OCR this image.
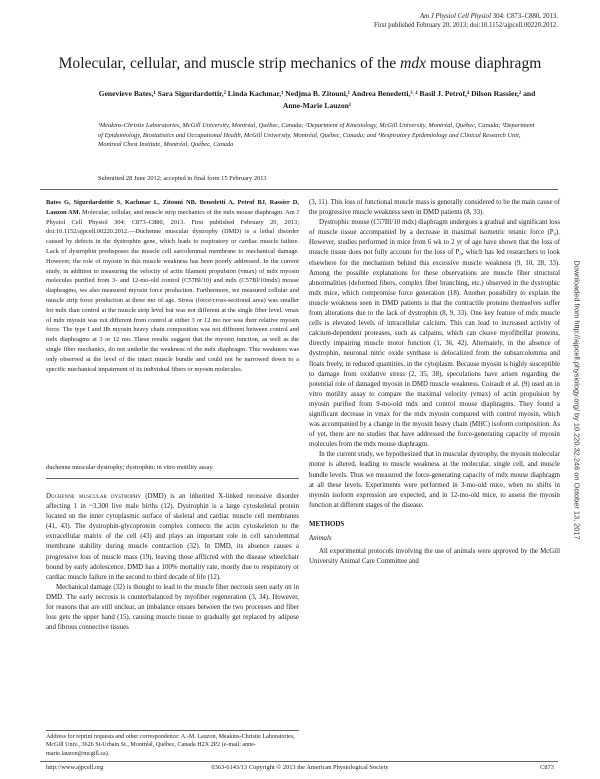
Am J Physiol Cell Physiol 304: C873–C880, 2013.
First published February 20, 2013; doi:10.1152/ajpcell.00220.2012.
Molecular, cellular, and muscle strip mechanics of the mdx mouse diaphragm
Genevieve Bates,¹ Sara Sigurdardottir,² Linda Kachmar,¹ Nedjma B. Zitouni,¹ Andrea Benedetti,³˒⁴ Basil J. Petrof,⁴ Dilson Rassier,² and Anne-Marie Lauzon¹
¹Meakins-Christie Laboratories, McGill University, Montréal, Québec, Canada; ²Department of Kinesiology, McGill University, Montréal, Québec, Canada; ³Department of Epidemiology, Biostatistics and Occupational Health, McGill University, Montréal, Québec, Canada; and ⁴Respiratory Epidemiology and Clinical Research Unit, Montreal Chest Institute, Montréal, Québec, Canada
Submitted 28 June 2012; accepted in final form 15 February 2013
Bates G, Sigurdardottir S, Kachmar L, Zitouni NB, Benedetti A, Petrof BJ, Rassier D, Lauzon AM. Molecular, cellular, and muscle strip mechanics of the mdx mouse diaphragm. Am J Physiol Cell Physiol 304: C873–C880, 2013. First published February 20, 2013; doi:10.1152/ajpcell.00220.2012.—Duchenne muscular dystrophy (DMD) is a lethal disorder caused by defects in the dystrophin gene, which leads to respiratory or cardiac muscle failure. Lack of dystrophin predisposes the muscle cell sarcolemmal membrane to mechanical damage. However, the role of myosin in this muscle weakness has been poorly addressed. In the current study, in addition to measuring the velocity of actin filament propulsion (vmax) of mdx myosin molecules purified from 3- and 12-mo-old control (C57Bl/10) and mdx (C57Bl/10mdx) mouse diaphragms, we also measured myosin force production. Furthermore, we measured cellular and muscle strip force production at three mo of age. Stress (force/cross-sectional area) was smaller for mdx than control at the muscle strip level but was not different at the single fiber level. vmax of mdx myosin was not different from control at either 3 or 12 mo nor was their relative myosin force. The type I and IIb myosin heavy chain composition was not different between control and mdx diaphragms at 3 or 12 mo. These results suggest that the myosin function, as well as the single fiber mechanics, do not underlie the weakness of the mdx diaphragm. This weakness was only observed at the level of the intact muscle bundle and could not be narrowed down to a specific mechanical impairment of its individual fibers or myosin molecules.
duchenne muscular dystrophy; dystrophin; in vitro motility assay

Duchenne muscular dystrophy (DMD) is an inherited X-linked recessive disorder affecting 1 in ~3,300 live male births (12). Dystrophin is a large cytoskeletal protein located on the inner cytoplasmic surface of skeletal and cardiac muscle cell membranes (41, 43). The dystrophin-glycoprotein complex connects the actin cytoskeleton to the extracellular matrix of the cell (43) and plays an important role in cell sarcolemmal membrane stability during muscle contraction (32). In DMD, its absence causes a progressive loss of muscle mass (19), leaving those afflicted with the disease wheelchair bound by early adolescence. DMD has a 100% mortality rate, mostly due to respiratory or cardiac muscle failure in the second to third decade of life (12).

Mechanical damage (32) is thought to lead to the muscle fiber necrosis seen early on in DMD. The early necrosis is counterbalanced by myofiber regeneration (3, 34). However, for reasons that are still unclear, an imbalance ensues between the two processes and fiber loss gets the upper hand (15), causing muscle tissue to gradually get replaced by adipose and fibrous connective tissues

(3, 11). This loss of functional muscle mass is generally considered to be the main cause of the progressive muscle weakness seen in DMD patients (8, 33).

Dystrophic mouse (C57Bl/10 mdx) diaphragm undergoes a gradual and significant loss of muscle tissue accompanied by a decrease in maximal isometric tetanic force (P₀). However, studies performed in mice from 6 wk to 2 yr of age have shown that the loss of muscle tissue does not fully account for the loss of P₀, which has led researchers to look elsewhere for the mechanism behind this excessive muscle weakness (9, 10, 28, 33). Among the possible explanations for these observations are muscle fiber structural abnormalities (deformed fibers, complex fiber branching, etc.) observed in the dystrophic mdx mice, which compromise force generation (18). Another possibility to explain the muscle weakness seen in DMD patients is that the contractile proteins themselves suffer from alterations due to the lack of dystrophin (8, 9, 33). One key feature of mdx muscle cells is elevated levels of intracellular calcium. This can lead to increased activity of calcium-dependent proteases, such as calpains, which can cleave myofibrillar proteins, directly impairing muscle motor function (1, 36, 42). Alternately, in the absence of dystrophin, neuronal nitric oxide synthase is delocalized from the subsarcolemma and floats freely, in reduced quantities, in the cytoplasm. Because myosin is highly susceptible to damage from oxidative stress (2, 35, 38), speculations have arisen regarding the potential role of damaged myosin in DMD muscle weakness. Coirault et al. (9) used an in vitro motility assay to compare the maximal velocity (vmax) of actin propulsion by myosin purified from 9-mo-old mdx and control mouse diaphragms. They found a significant decrease in vmax for the mdx myosin compared with control myosin, which was accompanied by a change in the myosin heavy chain (MHC) isoform composition. As of yet, there are no studies that have addressed the force-generating capacity of myosin molecules from the mdx mouse diaphragm.

In the current study, we hypothesized that in muscular dystrophy, the myosin molecular motor is altered, leading to muscle weakness at the molecular, single cell, and muscle bundle levels. Thus we measured the force-generating capacity of mdx mouse diaphragm at all these levels. Experiments were performed in 3-mo-old mice, when no shifts in myosin isoform expression are expected, and in 12-mo-old mice, to assess the myosin function at different stages of the disease.

METHODS
Animals

All experimental protocols involving the use of animals were approved by the McGill University Animal Care Committee and

Address for reprint requests and other correspondence: A.-M. Lauzon, Meakins-Christie Laboratories, McGill Univ., 3626 St-Urbain St., Montréal, Québec, Canada H2X 2P2 (e-mail: anne-marie.lauzon@mcgill.ca).
http://www.ajpcell.org	0363-6143/13 Copyright © 2013 the American Physiological Society	C873
Downloaded from http://ajpcell.physiology.org/ by 10.220.32.246 on October 13, 2017
